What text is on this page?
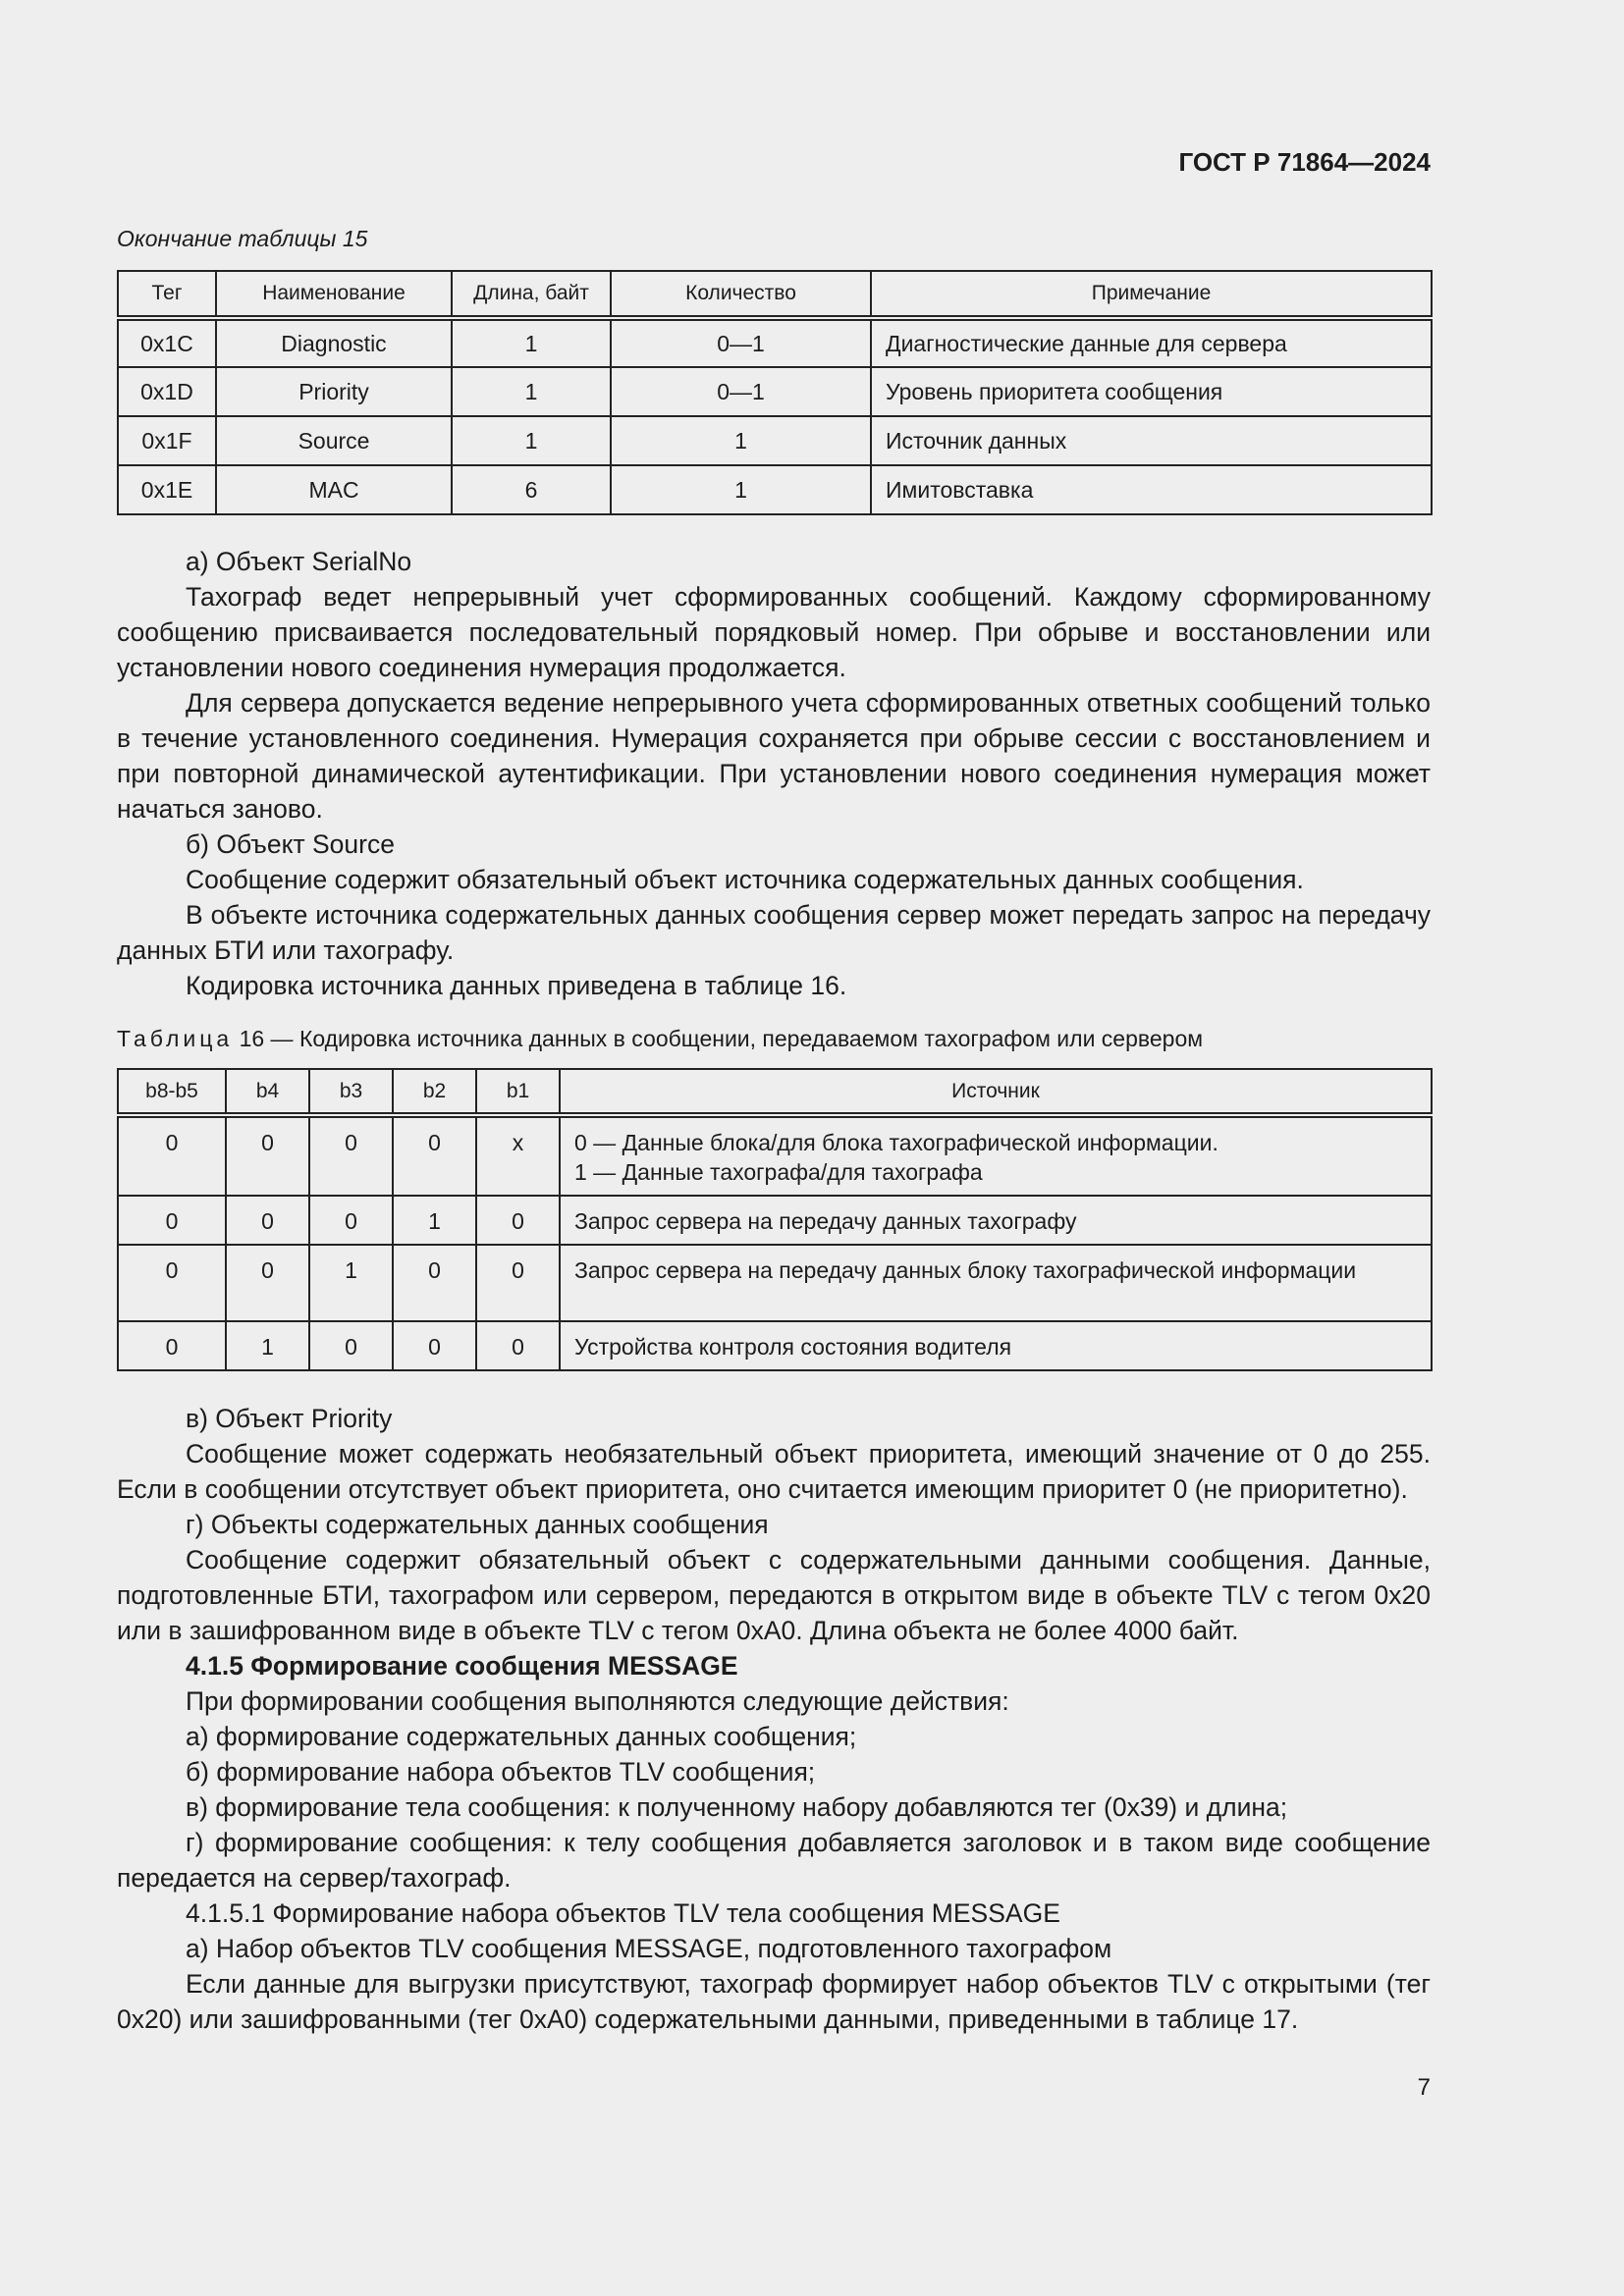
ГОСТ Р 71864—2024
Окончание таблицы 15
Тег	Наименование	Длина, байт	Количество	Примечание
0x1C	Diagnostic	1	0—1	Диагностические данные для сервера
0x1D	Priority	1	0—1	Уровень приоритета сообщения
0x1F	Source	1	1	Источник данных
0x1E	MAC	6	1	Имитовставка

а) Объект SerialNo

Тахограф ведет непрерывный учет сформированных сообщений. Каждому сформированному сообщению присваивается последовательный порядковый номер. При обрыве и восстановлении или установлении нового соединения нумерация продолжается.

Для сервера допускается ведение непрерывного учета сформированных ответных сообщений только в течение установленного соединения. Нумерация сохраняется при обрыве сессии с восстановлением и при повторной динамической аутентификации. При установлении нового соединения нумерация может начаться заново.

б) Объект Source

Сообщение содержит обязательный объект источника содержательных данных сообщения.

В объекте источника содержательных данных сообщения сервер может передать запрос на передачу данных БТИ или тахографу.

Кодировка источника данных приведена в таблице 16.

Таблица 16 — Кодировка источника данных в сообщении, передаваемом тахографом или сервером
b8-b5	b4	b3	b2	b1	Источник
0	0	0	0	x	0 — Данные блока/для блока тахографической информации.
1 — Данные тахографа/для тахографа

0	0	0	1	0	Запрос сервера на передачу данных тахографу
0	0	1	0	0	Запрос сервера на передачу данных блоку тахографической информации
0	1	0	0	0	Устройства контроля состояния водителя

в) Объект Priority

Сообщение может содержать необязательный объект приоритета, имеющий значение от 0 до 255. Если в сообщении отсутствует объект приоритета, оно считается имеющим приоритет 0 (не приоритетно).

г) Объекты содержательных данных сообщения

Сообщение содержит обязательный объект с содержательными данными сообщения. Данные, подготовленные БТИ, тахографом или сервером, передаются в открытом виде в объекте TLV с тегом 0x20 или в зашифрованном виде в объекте TLV с тегом 0xA0. Длина объекта не более 4000 байт.

4.1.5 Формирование сообщения MESSAGE

При формировании сообщения выполняются следующие действия:

а) формирование содержательных данных сообщения;

б) формирование набора объектов TLV сообщения;

в) формирование тела сообщения: к полученному набору добавляются тег (0x39) и длина;

г) формирование сообщения: к телу сообщения добавляется заголовок и в таком виде сообщение передается на сервер/тахограф.

4.1.5.1 Формирование набора объектов TLV тела сообщения MESSAGE

а) Набор объектов TLV сообщения MESSAGE, подготовленного тахографом

Если данные для выгрузки присутствуют, тахограф формирует набор объектов TLV с открытыми (тег 0x20) или зашифрованными (тег 0xA0) содержательными данными, приведенными в таблице 17.

7
